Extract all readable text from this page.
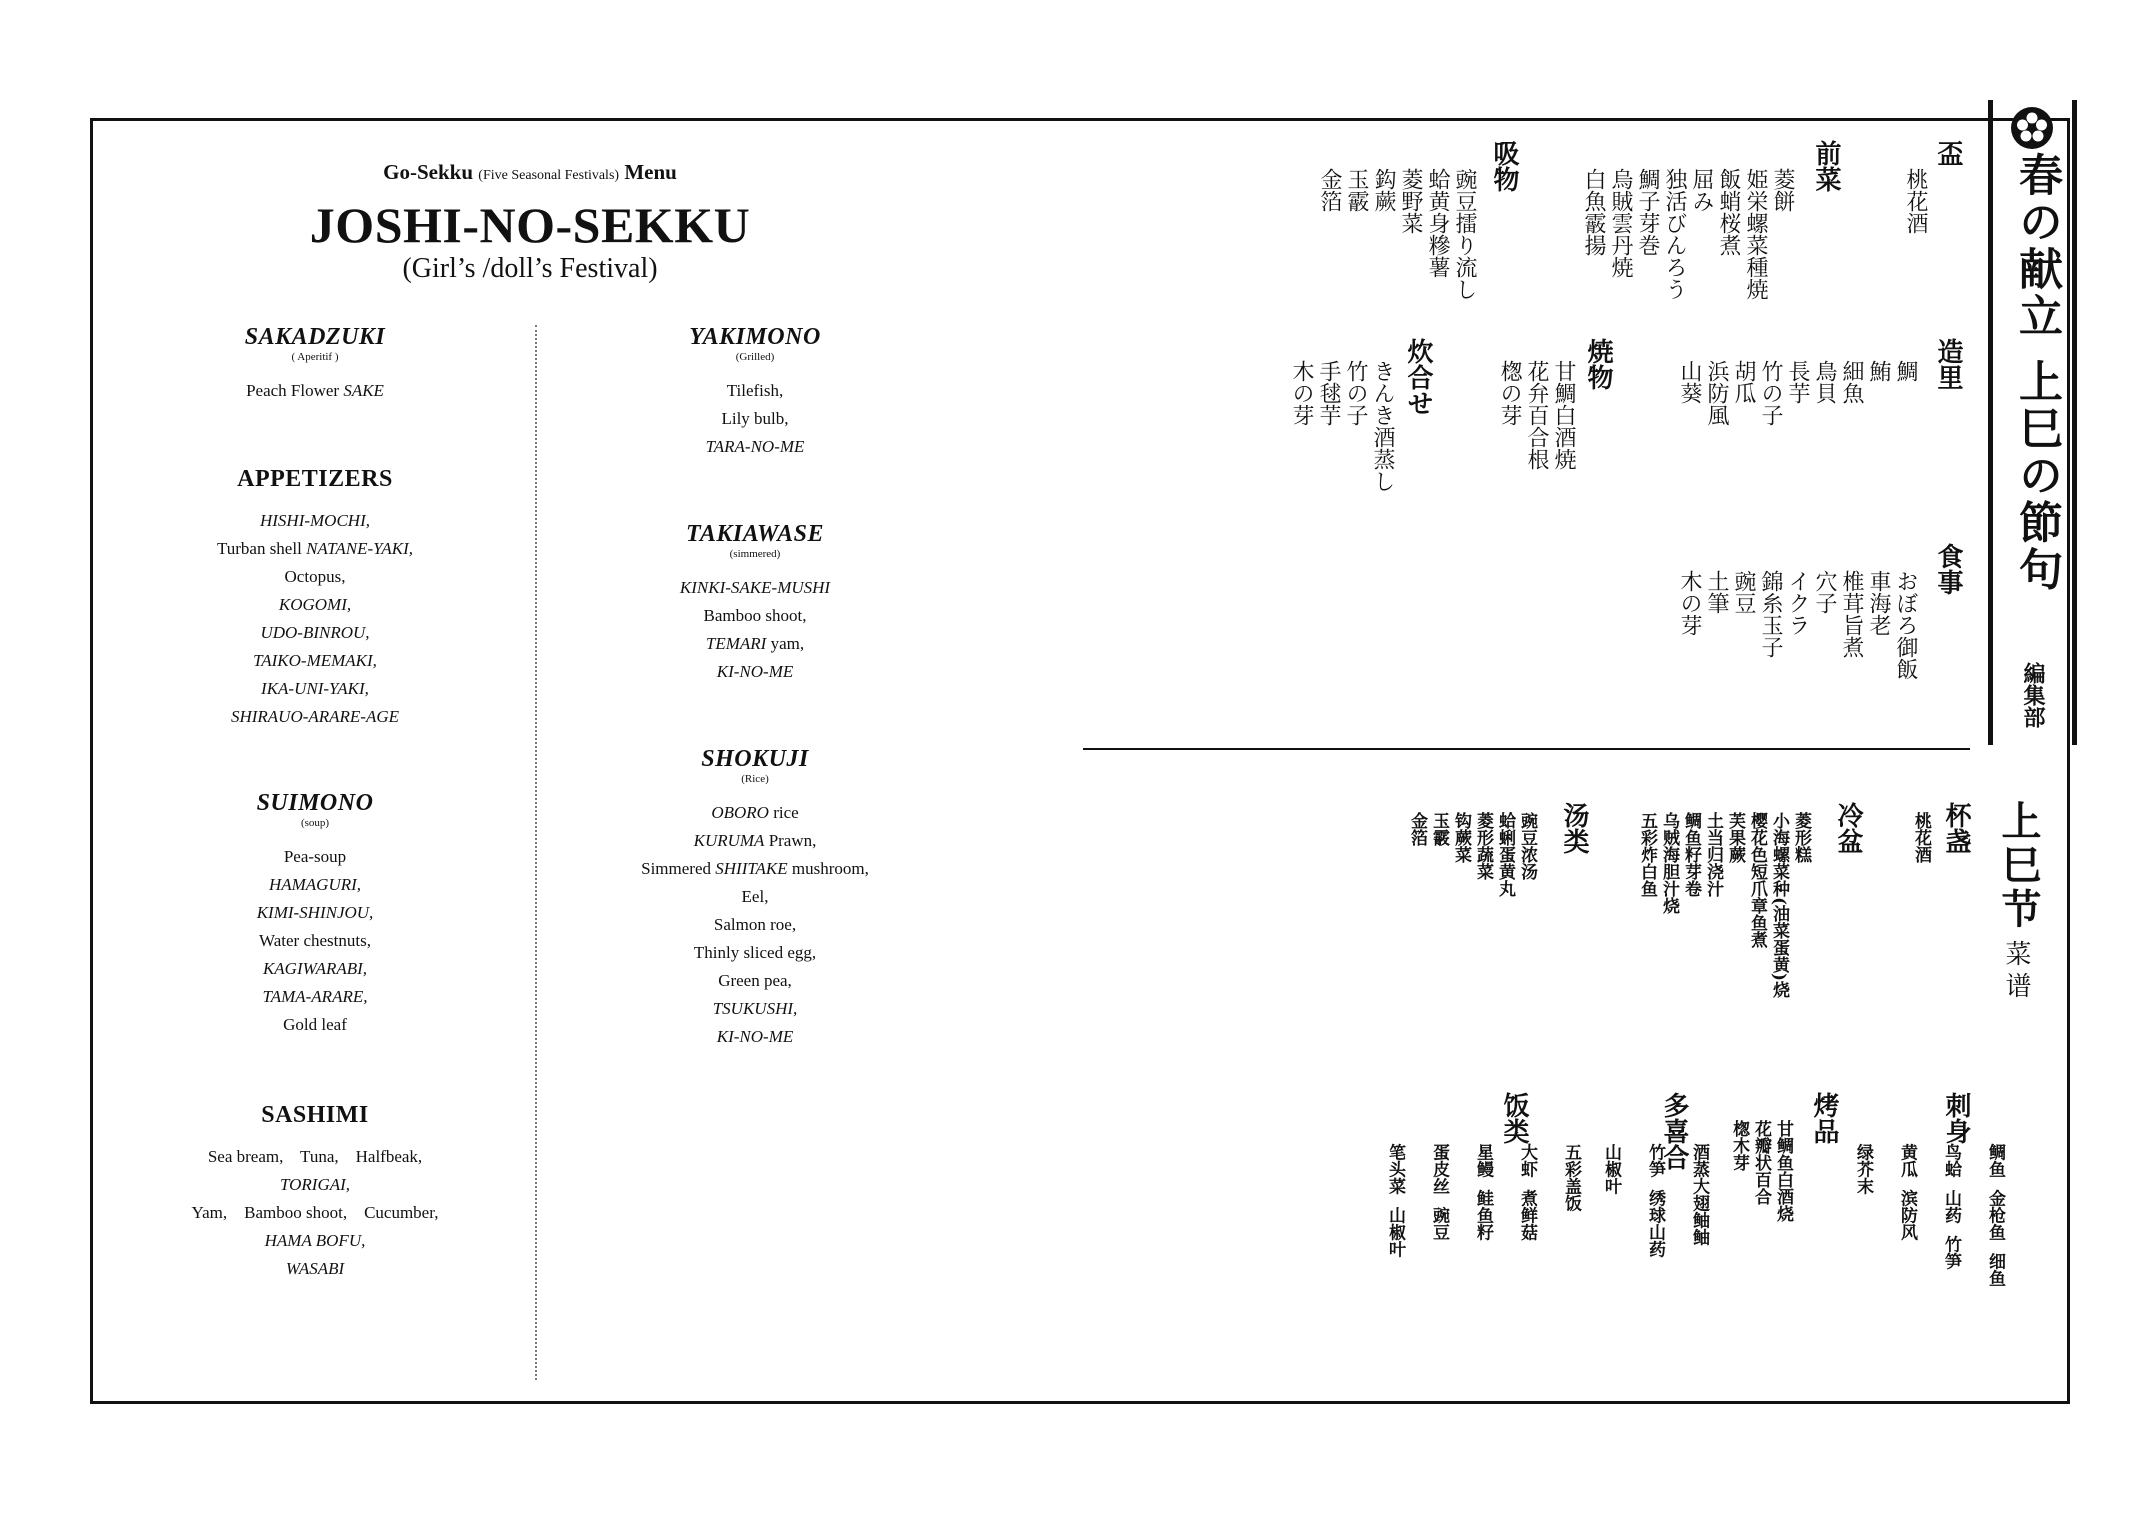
Go-Sekku (Five Seasonal Festivals) Menu
JOSHI-NO-SEKKU
(Girl’s /doll’s Festival)
SAKADZUKI
( Aperitif )
Peach Flower SAKE
APPETIZERS
HISHI-MOCHI,
Turban shell NATANE-YAKI,
Octopus,
KOGOMI,
UDO-BINROU,
TAIKO-MEMAKI,
IKA-UNI-YAKI,
SHIRAUO-ARARE-AGE
SUIMONO
(soup)
Pea-soup
HAMAGURI,
KIMI-SHINJOU,
Water chestnuts,
KAGIWARABI,
TAMA-ARARE,
Gold leaf
SASHIMI
Sea bream,    Tuna,    Halfbeak,
TORIGAI,
Yam,    Bamboo shoot,    Cucumber,
HAMA BOFU,
WASABI
YAKIMONO
(Grilled)
Tilefish,
Lily bulb,
TARA-NO-ME
TAKIAWASE
(simmered)
KINKI-SAKE-MUSHI
Bamboo shoot,
TEMARI yam,
KI-NO-ME
SHOKUJI
(Rice)
OBORO rice
KURUMA Prawn,
Simmered SHIITAKE mushroom,
Eel,
Salmon roe,
Thinly sliced egg,
Green pea,
TSUKUSHI,
KI-NO-ME
春の献立 上巳の節句
編集部
盃
桃花酒
前菜
菱餅
姫栄螺菜種焼
飯蛸桜煮
屈み
独活びんろう
鯛子芽巻
烏賊雲丹焼
白魚霰揚
吸物
豌豆擂り流し
蛤黄身糝薯
菱野菜
鈎蕨
玉霰
金箔
造里
鯛
鮪
細魚
鳥貝
長芋
竹の子
胡瓜
浜防風
山葵
焼物
甘鯛白酒焼
花弁百合根
楤の芽
炊合せ
きんき酒蒸し
竹の子
手毬芋
木の芽
食事
おぼろ御飯
車海老
椎茸旨煮
穴子
イクラ
錦糸玉子
豌豆
土筆
木の芽
上巳节
菜谱
杯盏
桃花酒
冷盆
菱形糕
小海螺菜种(油菜蛋黄)烧
樱花色短爪章鱼煮
芙果蕨
土当归浇汁
鲷鱼籽芽卷
乌贼海胆汁烧
五彩炸白鱼
汤类
豌豆浓汤
蛤蜊蛋黄丸
菱形蔬菜
钩蕨菜
玉霰
金箔
刺身

鲷鱼  金枪鱼  细鱼

鸟蛤  山药  竹笋

黄瓜  滨防风

绿芥末

烤品
甘鲷鱼白酒烧
花瓣状百合
楤木芽
多喜合

酒蒸大翅鲉鲉

竹笋  绣球山药

山椒叶

饭类

五彩盖饭

大虾  煮鲜菇

星鳗  鲑鱼籽

蛋皮丝  豌豆

笔头菜  山椒叶
